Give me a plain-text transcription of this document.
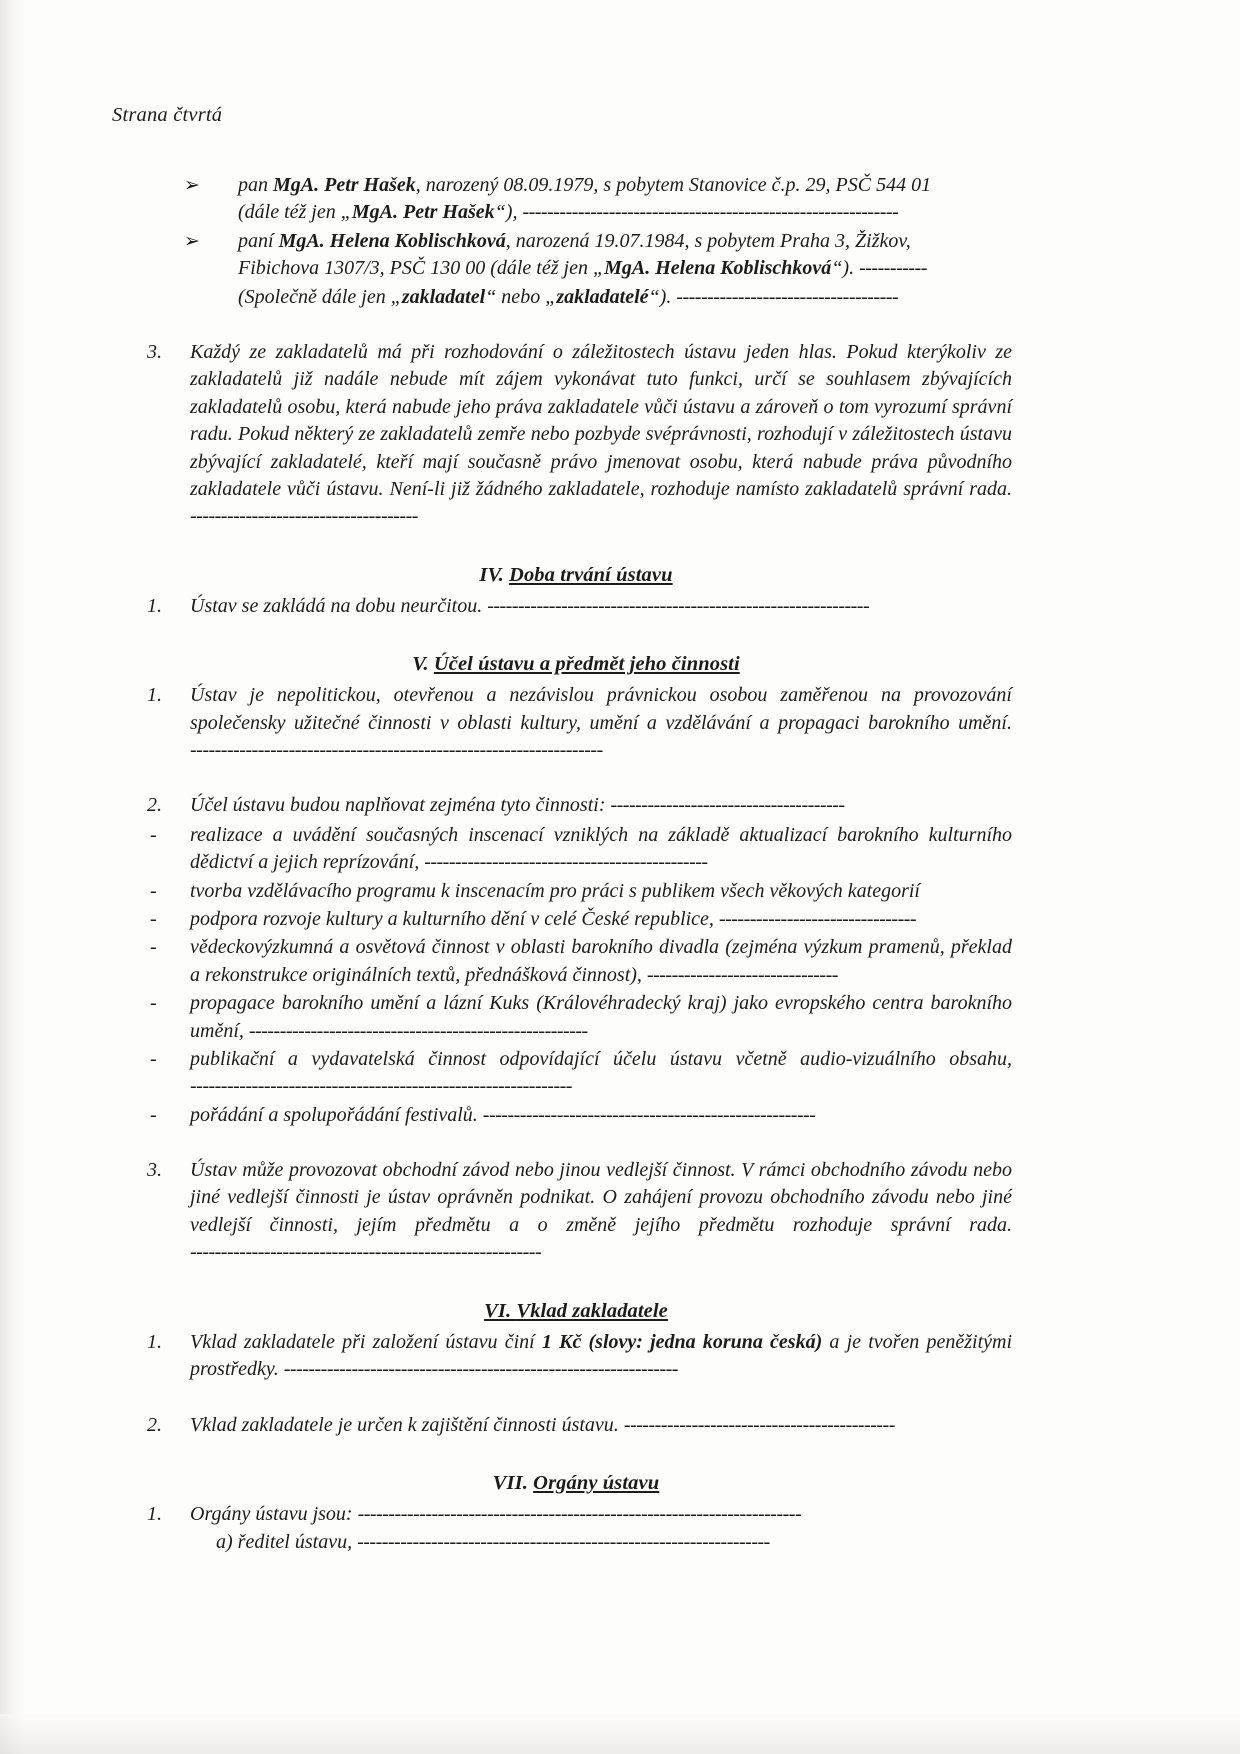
Strana čtvrtá
➢ pan MgA. Petr Hašek, narozený 08.09.1979, s pobytem Stanovice č.p. 29, PSČ 544 01
(dále též jen „MgA. Petr Hašek“), -------------------------------------------------------------

➢ paní MgA. Helena Koblischková, narozená 19.07.1984, s pobytem Praha 3, Žižkov,
Fibichova 1307/3, PSČ 130 00 (dále též jen „MgA. Helena Koblischková“). -----------

(Společně dále jen „zakladatel“ nebo „zakladatelé“). ------------------------------------
3.	Každý ze zakladatelů má při rozhodování o záležitostech ústavu jeden hlas. Pokud kterýkoliv ze zakladatelů již nadále nebude mít zájem vykonávat tuto funkci, určí se souhlasem zbývajících zakladatelů osobu, která nabude jeho práva zakladatele vůči ústavu a zároveň o tom vyrozumí správní radu. Pokud některý ze zakladatelů zemře nebo pozbyde svéprávnosti, rozhodují v záležitostech ústavu zbývající zakladatelé, kteří mají současně právo jmenovat osobu, která nabude práva původního zakladatele vůči ústavu. Není-li již žádného zakladatele, rozhoduje namísto zakladatelů správní rada. -------------------------------------
IV. Doba trvání ústavu
1.	Ústav se zakládá na dobu neurčitou. --------------------------------------------------------------
V. Účel ústavu a předmět jeho činnosti
1.	Ústav je nepolitickou, otevřenou a nezávislou právnickou osobou zaměřenou na provozování společensky užitečné činnosti v oblasti kultury, umění a vzdělávání a propagaci barokního umění. -------------------------------------------------------------------
2.	Účel ústavu budou naplňovat zejména tyto činnosti: --------------------------------------
- realizace a uvádění současných inscenací vzniklých na základě aktualizací barokního kulturního dědictví a jejich reprízování, ----------------------------------------------
- tvorba vzdělávacího programu k inscenacím pro práci s publikem všech věkových kategorií
- podpora rozvoje kultury a kulturního dění v celé České republice, --------------------------------
- vědeckovýzkumná a osvětová činnost v oblasti barokního divadla (zejména výzkum pramenů, překlad a rekonstrukce originálních textů, přednášková činnost), -------------------------------
- propagace barokního umění a lázní Kuks (Královéhradecký kraj) jako evropského centra barokního umění, -------------------------------------------------------
- publikační a vydavatelská činnost odpovídající účelu ústavu včetně audio-vizuálního obsahu, --------------------------------------------------------------
- pořádání a spolupořádání festivalů. ------------------------------------------------------
3.	Ústav může provozovat obchodní závod nebo jinou vedlejší činnost. V rámci obchodního závodu nebo jiné vedlejší činnosti je ústav oprávněn podnikat. O zahájení provozu obchodního závodu nebo jiné vedlejší činnosti, jejím předmětu a o změně jejího předmětu rozhoduje správní rada. ---------------------------------------------------------
VI. Vklad zakladatele
1.	Vklad zakladatele při založení ústavu činí 1 Kč (slovy: jedna koruna česká) a je tvořen peněžitými prostředky. ----------------------------------------------------------------
2.	Vklad zakladatele je určen k zajištění činnosti ústavu. --------------------------------------------
VII. Orgány ústavu
1.	Orgány ústavu jsou: ------------------------------------------------------------------------
a) ředitel ústavu, -------------------------------------------------------------------
